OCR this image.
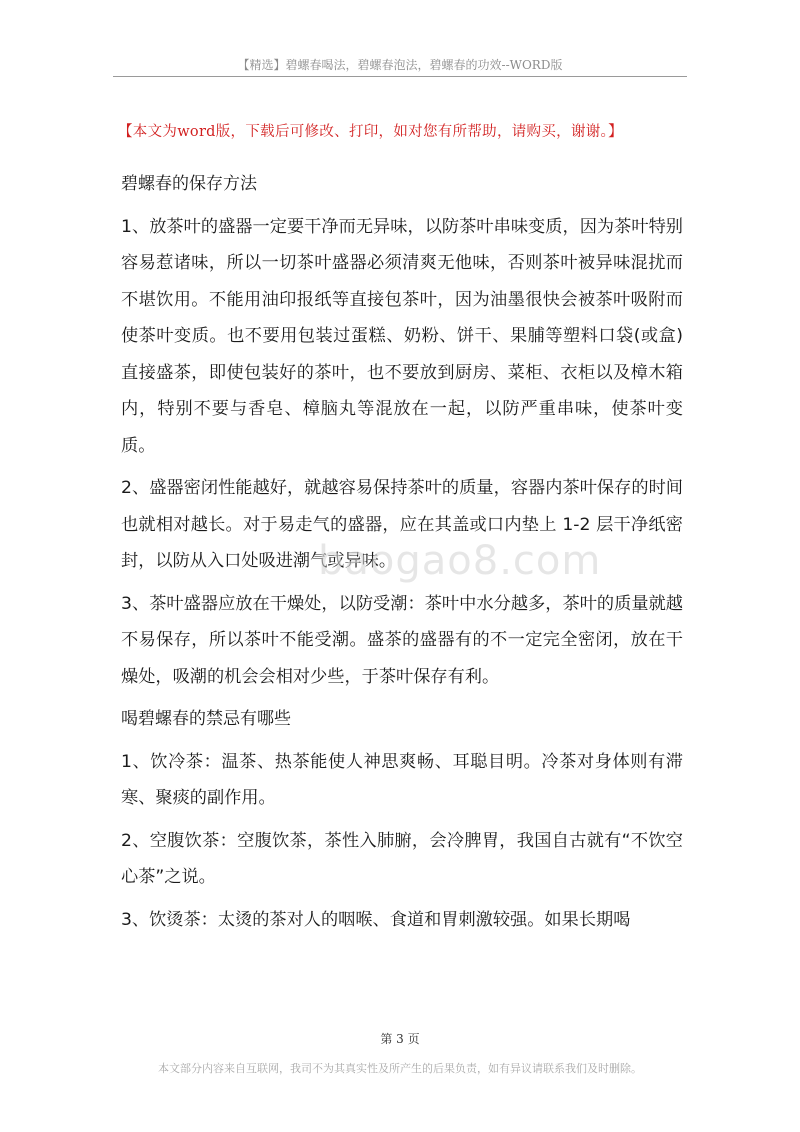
【精选】碧螺春喝法，碧螺春泡法，碧螺春的功效--WORD版
【本文为word版，下载后可修改、打印，如对您有所帮助，请购买，谢谢。】

碧螺春的保存方法

1、放茶叶的盛器一定要干净而无异味，以防茶叶串味变质，因为茶叶特别容易惹诸味，所以一切茶叶盛器必须清爽无他味，否则茶叶被异味混扰而不堪饮用。不能用油印报纸等直接包茶叶，因为油墨很快会被茶叶吸附而使茶叶变质。也不要用包装过蛋糕、奶粉、饼干、果脯等塑料口袋(或盒)直接盛茶，即使包装好的茶叶，也不要放到厨房、菜柜、衣柜以及樟木箱内，特别不要与香皂、樟脑丸等混放在一起，以防严重串味，使茶叶变质。

2、盛器密闭性能越好，就越容易保持茶叶的质量，容器内茶叶保存的时间也就相对越长。对于易走气的盛器，应在其盖或口内垫上 1-2 层干净纸密封，以防从入口处吸进潮气或异味。

3、茶叶盛器应放在干燥处，以防受潮：茶叶中水分越多，茶叶的质量就越不易保存，所以茶叶不能受潮。盛茶的盛器有的不一定完全密闭，放在干燥处，吸潮的机会会相对少些，于茶叶保存有利。

喝碧螺春的禁忌有哪些

1、饮冷茶：温茶、热茶能使人神思爽畅、耳聪目明。冷茶对身体则有滞寒、聚痰的副作用。

2、空腹饮茶：空腹饮茶，茶性入肺腑，会冷脾胃，我国自古就有“不饮空心茶”之说。

3、饮烫茶：太烫的茶对人的咽喉、食道和胃刺激较强。如果长期喝

baogao8.com
第 3 页
本文部分内容来自互联网，我司不为其真实性及所产生的后果负责，如有异议请联系我们及时删除。
